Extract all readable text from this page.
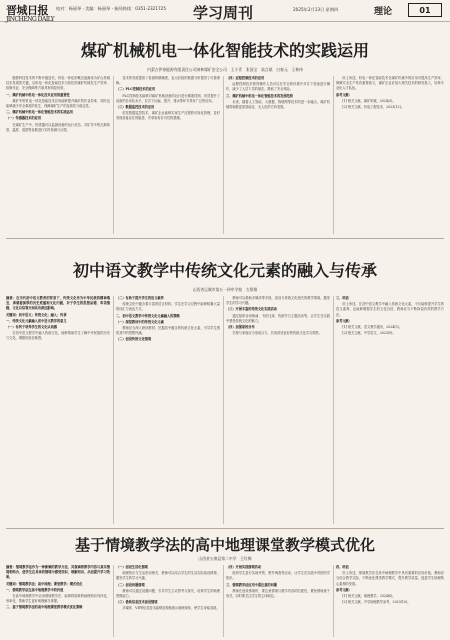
晋城日报
JINCHENG DAILY
校对：杨丽琴 · 美编：杨丽琴 · 新闻热线：0351-2321725 学习周刊	2025年2月13日 星期四	理论	01
煤矿机械机电一体化智能技术的实践运用
内蒙古伊泰能源有限责任公司纳林煤矿安全公司　王小青　张国宝　高言斌　白春元　王林伟

随着科技技术的不断升级迭代，机电一体化的概念逐渐成为矿山机械技术发展的关键，以机电一体化智能技术为依托的煤矿机械在生产效率、检修作业、安全保障等方面具有明显优势。

一、煤矿机械中机电一体化技术应用的重要性

煤矿中的机电一体化智能技术应用能够提升煤矿的作业效率，同时也能够减少安全事故的发生，保障煤矿生产的连续性与稳定性。

二、煤矿机械中机电一体化智能技术的实践运用

（一）传感器技术的应用

在煤矿生产中，传感器可以监测设备的运行状态，对矿井中的瓦斯浓度、温度、湿度等参数进行实时检测与反馈。

技术的发展提高了检测的精确度，也为后续的数据分析提供了可靠保障。

（二）PLC控制技术的应用

PLC控制技术能够对煤矿机械设备的运行进行精准控制，有效提升了设备的自动化水平，在井下运输、提升、排水等环节具有广泛的应用。

（三）数据监控技术的应用

依托数据监控技术，煤矿企业能够实现生产过程的可视化管理，及时发现设备存在的隐患，并采取有针对性的措施。

（四）远程控制技术的应用

远程控制技术使得操作人员可以在安全的环境中对井下设备进行操作，减少了人员下井的频次，降低了安全风险。

三、煤矿机械中机电一体化智能技术的发展趋势

未来，随着人工智能、大数据、物联网等技术的进一步融合，煤矿机械将朝着更加智能化、无人化的方向发展。

综上所述，机电一体化智能技术在煤矿机械中的应用对提高生产效率、保障安全生产具有重要意义，煤矿企业应加大相关技术的研发投入，培养专业化人才队伍。

参考文献：

[1] 相关文献，煤矿机械，2024(3)。

[2] 相关文献，机电工程技术，2023(12)。

初中语文教学中传统文化元素的融入与传承
山西省运城市第五一四中学校　左翔翔

摘要：在当代初中语文教育的背景下，传统文化作为中华民族的精神瑰宝，承载着深厚的历史底蕴和文化内涵，对于学生的思想品德、审美情趣、文化自信等方面具有深远影响。

关键词：初中语文；传统文化；融入；传承

一、传统文化元素融入初中语文教学的意义

（一）有利于培养学生的文化认同感

在初中语文教学中融入传统文化，能够帮助学生了解中华民族的历史与文化，增强民族自豪感。

（二）有助于提升学生的语文素养

传统文化中蕴含着丰富的语言材料，学生在学习过程中能够积累大量的词汇与表达方式。

二、初中语文教学中传统文化元素融入的策略

（一）深挖教材中的传统文化元素

教师应当深入研读教材，挖掘其中蕴含的传统文化元素，引导学生感悟其中的思想内涵。

（二）创设传统文化情境

教师可以借助多媒体等手段，创设与传统文化相关的教学情境，激发学生的学习兴趣。

（三）开展丰富的传统文化实践活动

通过组织诗词朗诵、书法比赛、传统节日主题活动等，让学生在实践中感受传统文化的魅力。

（四）加强家校合作

学校与家庭应当形成合力，共同营造良好的传统文化学习氛围。

三、结语

综上所述，在初中语文教学中融入传统文化元素，不仅能够提升学生的语文素养，也能够增强学生的文化自信，教师应当不断探索有效的教学方法。

参考文献：

[1] 相关文献，语文教学通讯，2024(5)。

[2] 相关文献，中学语文，2023(9)。

基于情境教学法的高中地理课堂教学模式优化
山西省五寨县第二中学　王红梅

摘要：情境教学法作为一种新颖的教学方法，其强调将教学内容与真实情境相结合，使学生在具体的情境中感受知识、理解知识，从而提升学习效果。

关键词：情境教学法；高中地理；课堂教学；模式优化

一、情境教学法在高中地理教学中的价值

在高中地理教学中运用情境教学法，能够将抽象的地理知识具体化、形象化，帮助学生更好地理解与掌握。

二、基于情境教学法的高中地理课堂教学模式优化策略

（一）创设生活化情境

地理知识与生活密切相关，教师可以结合学生的生活实际创设情境，激发学生的学习兴趣。

（二）创设问题情境

教师可以通过设置问题，引导学生主动思考与探究，培养学生的地理思维能力。

（三）借助信息技术创设情境

多媒体、VR等信息技术能够直观地展示地理现象，使学生身临其境。

（四）开展实践情境活动

组织学生进行实地考察、野外调查等活动，让学生在实践中巩固所学知识。

三、情境教学法应用中需注意的问题

教师在创设情境时，要注意情境与教学内容的匹配性，避免情境流于形式，同时要关注学生的主体地位。

四、结语

综上所述，情境教学法在高中地理教学中具有重要的应用价值，教师应当结合教学实际，不断优化课堂教学模式，提升教学质量，促进学生地理核心素养的发展。

参考文献：

[1] 相关文献，地理教学，2024(6)。

[2] 相关文献，中学地理教学参考，2023(10)。
